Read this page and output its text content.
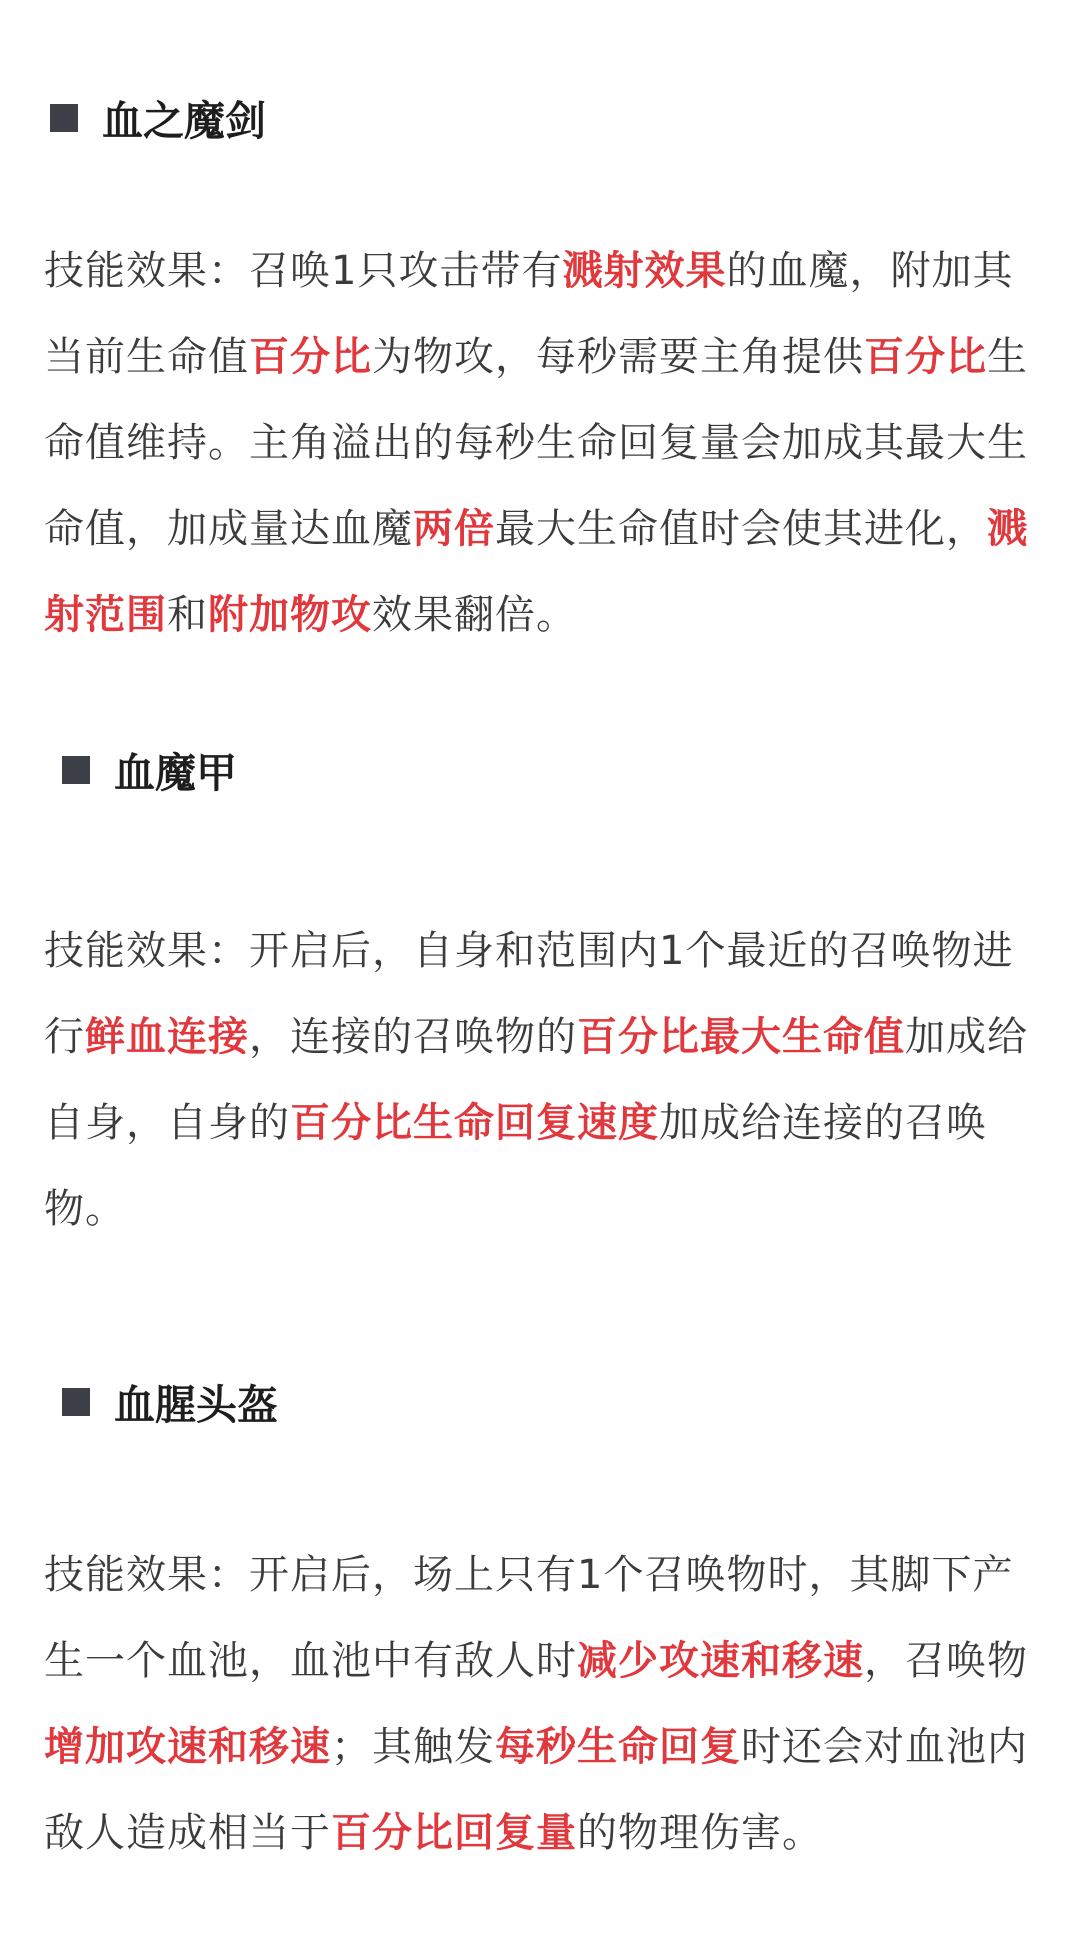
血之魔剑
技能效果：召唤1只攻击带有溅射效果的血魔，附加其当前生命值百分比为物攻，每秒需要主角提供百分比生命值维持。主角溢出的每秒生命回复量会加成其最大生命值，加成量达血魔两倍最大生命值时会使其进化，溅射范围和附加物攻效果翻倍。
血魔甲
技能效果：开启后，自身和范围内1个最近的召唤物进行鲜血连接，连接的召唤物的百分比最大生命值加成给自身，自身的百分比生命回复速度加成给连接的召唤物。
血腥头盔
技能效果：开启后，场上只有1个召唤物时，其脚下产生一个血池，血池中有敌人时减少攻速和移速，召唤物增加攻速和移速；其触发每秒生命回复时还会对血池内敌人造成相当于百分比回复量的物理伤害。
